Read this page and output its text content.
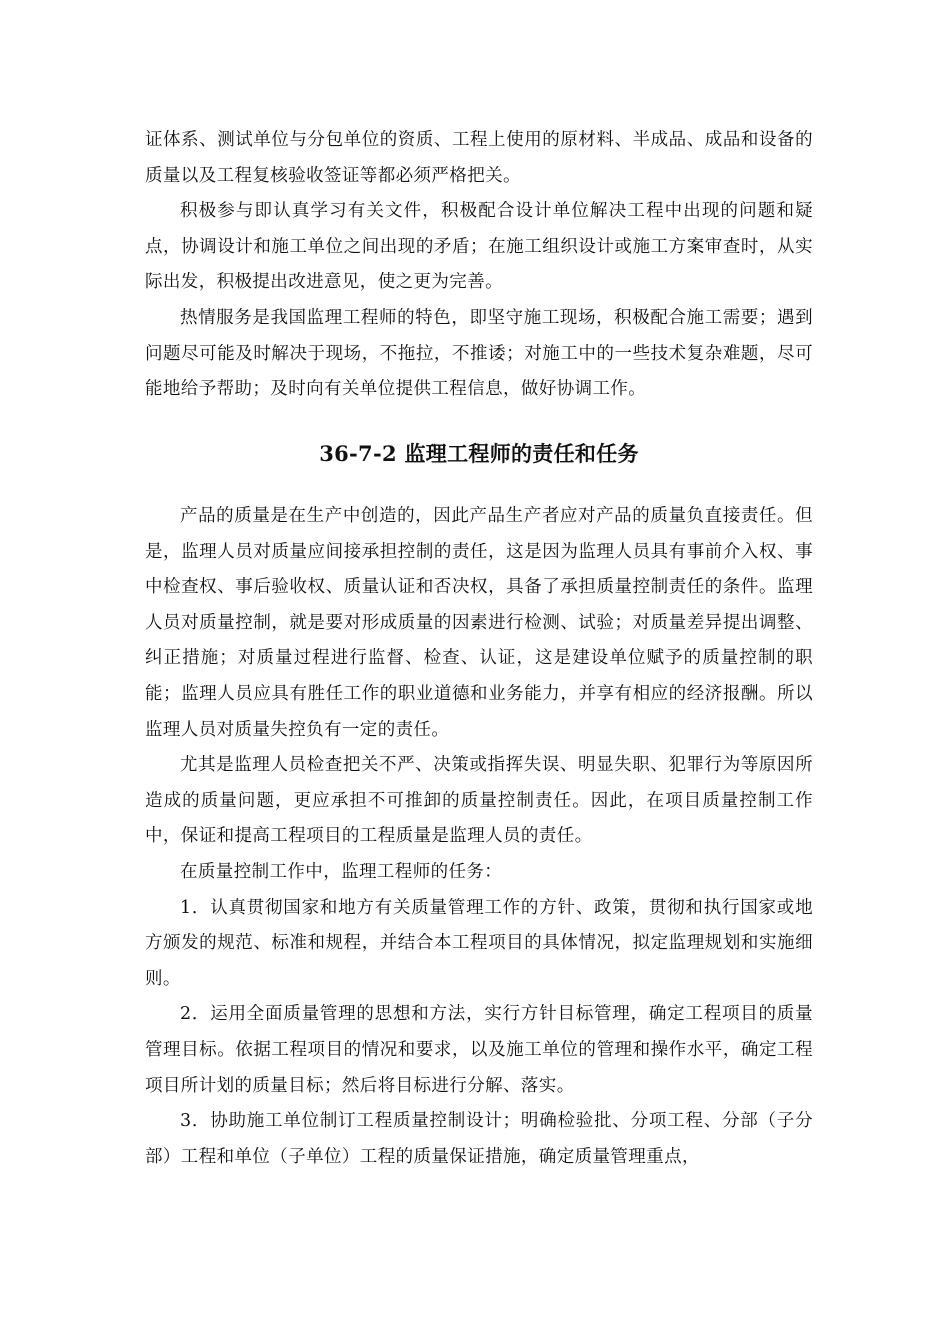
证体系、测试单位与分包单位的资质、工程上使用的原材料、半成品、成品和设备的质量以及工程复核验收签证等都必须严格把关。

积极参与即认真学习有关文件，积极配合设计单位解决工程中出现的问题和疑点，协调设计和施工单位之间出现的矛盾；在施工组织设计或施工方案审查时，从实际出发，积极提出改进意见，使之更为完善。

热情服务是我国监理工程师的特色，即坚守施工现场，积极配合施工需要；遇到问题尽可能及时解决于现场，不拖拉，不推诿；对施工中的一些技术复杂难题，尽可能地给予帮助；及时向有关单位提供工程信息，做好协调工作。

36-7-2 监理工程师的责任和任务

产品的质量是在生产中创造的，因此产品生产者应对产品的质量负直接责任。但是，监理人员对质量应间接承担控制的责任，这是因为监理人员具有事前介入权、事中检查权、事后验收权、质量认证和否决权，具备了承担质量控制责任的条件。监理人员对质量控制，就是要对形成质量的因素进行检测、试验；对质量差异提出调整、纠正措施；对质量过程进行监督、检查、认证，这是建设单位赋予的质量控制的职能；监理人员应具有胜任工作的职业道德和业务能力，并享有相应的经济报酬。所以监理人员对质量失控负有一定的责任。

尤其是监理人员检查把关不严、决策或指挥失误、明显失职、犯罪行为等原因所造成的质量问题，更应承担不可推卸的质量控制责任。因此，在项目质量控制工作中，保证和提高工程项目的工程质量是监理人员的责任。

在质量控制工作中，监理工程师的任务：

1．认真贯彻国家和地方有关质量管理工作的方针、政策，贯彻和执行国家或地方颁发的规范、标准和规程，并结合本工程项目的具体情况，拟定监理规划和实施细则。

2．运用全面质量管理的思想和方法，实行方针目标管理，确定工程项目的质量管理目标。依据工程项目的情况和要求，以及施工单位的管理和操作水平，确定工程项目所计划的质量目标；然后将目标进行分解、落实。

3．协助施工单位制订工程质量控制设计；明确检验批、分项工程、分部（子分部）工程和单位（子单位）工程的质量保证措施，确定质量管理重点，
